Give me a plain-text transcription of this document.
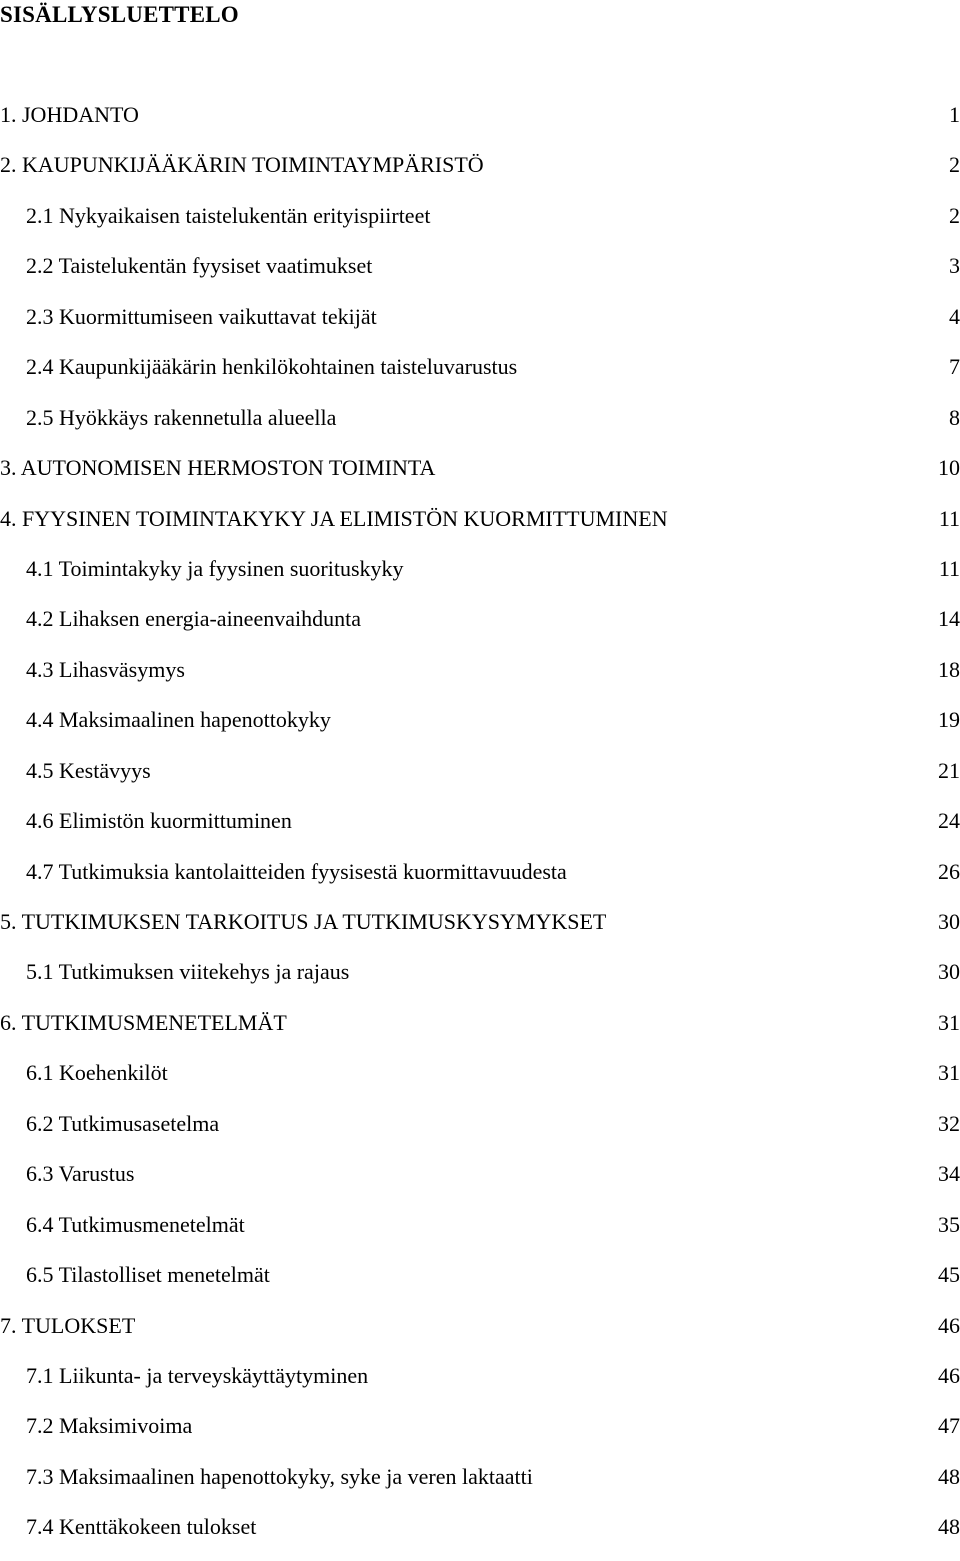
SISÄLLYSLUETTELO
1. JOHDANTO	1
2. KAUPUNKIJÄÄKÄRIN TOIMINTAYMPÄRISTÖ	2
2.1 Nykyaikaisen taistelukentän erityispiirteet	2
2.2 Taistelukentän fyysiset vaatimukset	3
2.3 Kuormittumiseen vaikuttavat tekijät	4
2.4 Kaupunkijääkärin henkilökohtainen taisteluvarustus	7
2.5 Hyökkäys rakennetulla alueella	8
3. AUTONOMISEN HERMOSTON TOIMINTA	10
4. FYYSINEN TOIMINTAKYKY JA ELIMISTÖN KUORMITTUMINEN	11
4.1 Toimintakyky ja fyysinen suorituskyky	11
4.2 Lihaksen energia-aineenvaihdunta	14
4.3 Lihasväsymys	18
4.4 Maksimaalinen hapenottokyky	19
4.5 Kestävyys	21
4.6 Elimistön kuormittuminen	24
4.7 Tutkimuksia kantolaitteiden fyysisestä kuormittavuudesta	26
5. TUTKIMUKSEN TARKOITUS JA TUTKIMUSKYSYMYKSET	30
5.1 Tutkimuksen viitekehys ja rajaus	30
6. TUTKIMUSMENETELMÄT	31
6.1 Koehenkilöt	31
6.2 Tutkimusasetelma	32
6.3 Varustus	34
6.4 Tutkimusmenetelmät	35
6.5 Tilastolliset menetelmät	45
7. TULOKSET	46
7.1 Liikunta- ja terveyskäyttäytyminen	46
7.2 Maksimivoima	47
7.3 Maksimaalinen hapenottokyky, syke ja veren laktaatti	48
7.4 Kenttäkokeen tulokset	48
